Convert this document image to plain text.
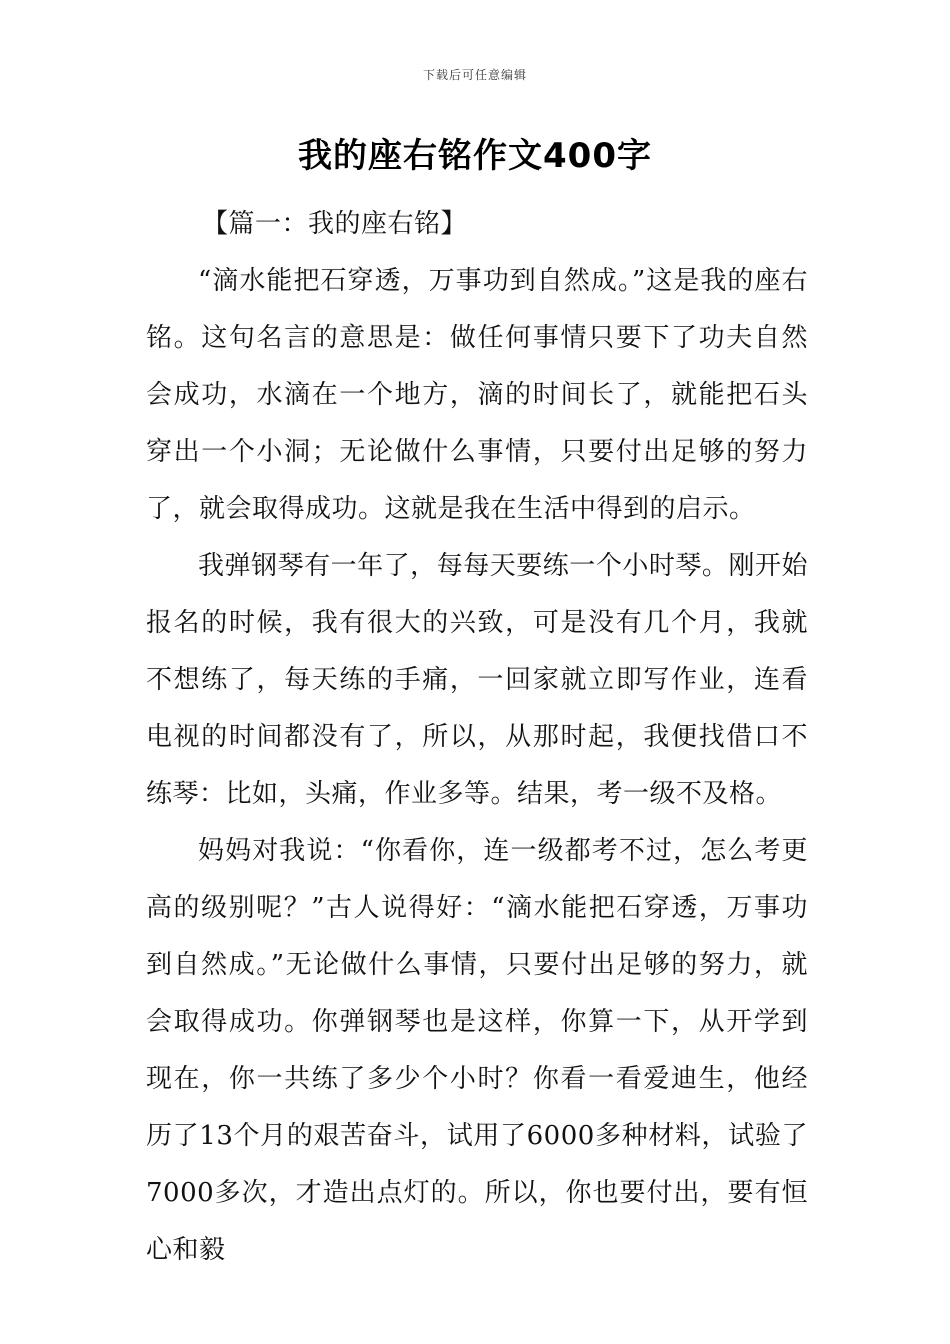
下载后可任意编辑
我的座右铭作文400字

【篇一：我的座右铭】

“滴水能把石穿透，万事功到自然成。”这是我的座右铭。这句名言的意思是：做任何事情只要下了功夫自然会成功，水滴在一个地方，滴的时间长了，就能把石头穿出一个小洞；无论做什么事情，只要付出足够的努力了，就会取得成功。这就是我在生活中得到的启示。

我弹钢琴有一年了，每每天要练一个小时琴。刚开始报名的时候，我有很大的兴致，可是没有几个月，我就不想练了，每天练的手痛，一回家就立即写作业，连看电视的时间都没有了，所以，从那时起，我便找借口不练琴：比如，头痛，作业多等。结果，考一级不及格。

妈妈对我说：“你看你，连一级都考不过，怎么考更高的级别呢？”古人说得好：“滴水能把石穿透，万事功到自然成。”无论做什么事情，只要付出足够的努力，就会取得成功。你弹钢琴也是这样，你算一下，从开学到现在，你一共练了多少个小时？你看一看爱迪生，他经历了13个月的艰苦奋斗，试用了6000多种材料，试验了7000多次，才造出点灯的。所以，你也要付出，要有恒心和毅
